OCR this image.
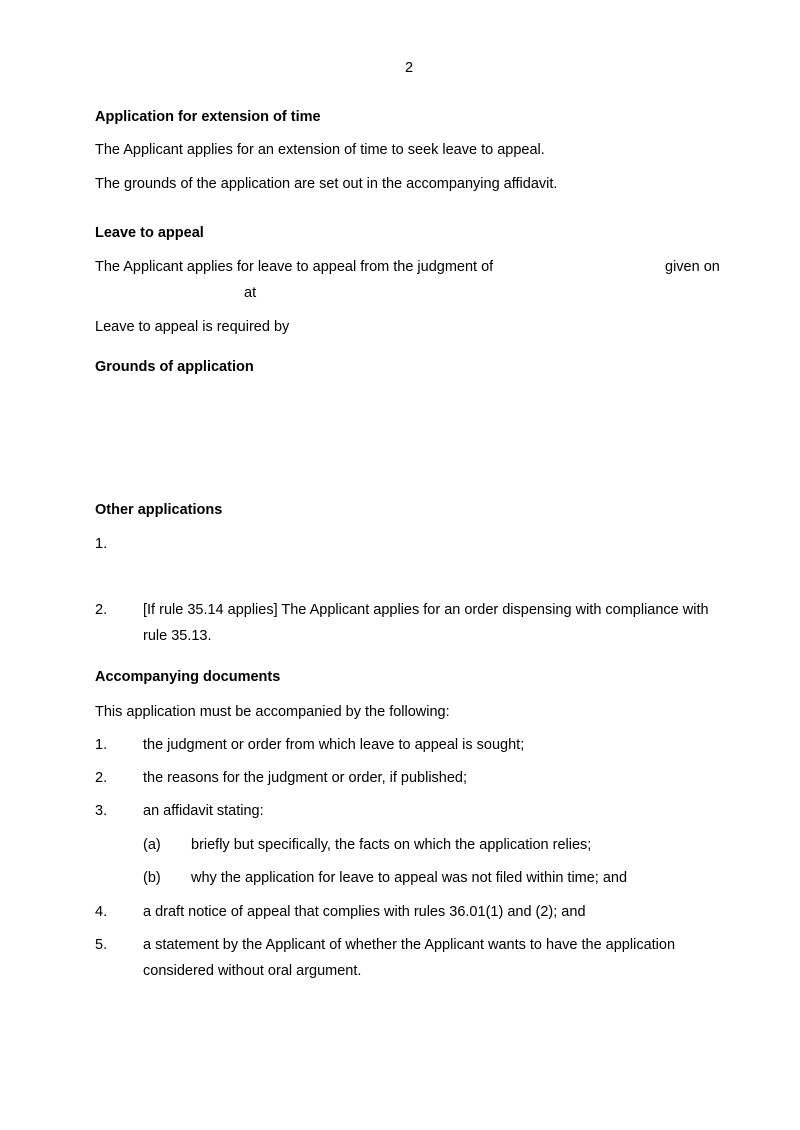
2
Application for extension of time
The Applicant applies for an extension of time to seek leave to appeal.
The grounds of the application are set out in the accompanying affidavit.
Leave to appeal
The Applicant applies for leave to appeal from the judgment of	given on
at
Leave to appeal is required by
Grounds of application
Other applications
1.
2. [If rule 35.14 applies] The Applicant applies for an order dispensing with compliance with
rule 35.13.
Accompanying documents
This application must be accompanied by the following:
1. the judgment or order from which leave to appeal is sought;
2. the reasons for the judgment or order, if published;
3. an affidavit stating:
(a) briefly but specifically, the facts on which the application relies;
(b) why the application for leave to appeal was not filed within time; and
4. a draft notice of appeal that complies with rules 36.01(1) and (2); and
5. a statement by the Applicant of whether the Applicant wants to have the application
considered without oral argument.
